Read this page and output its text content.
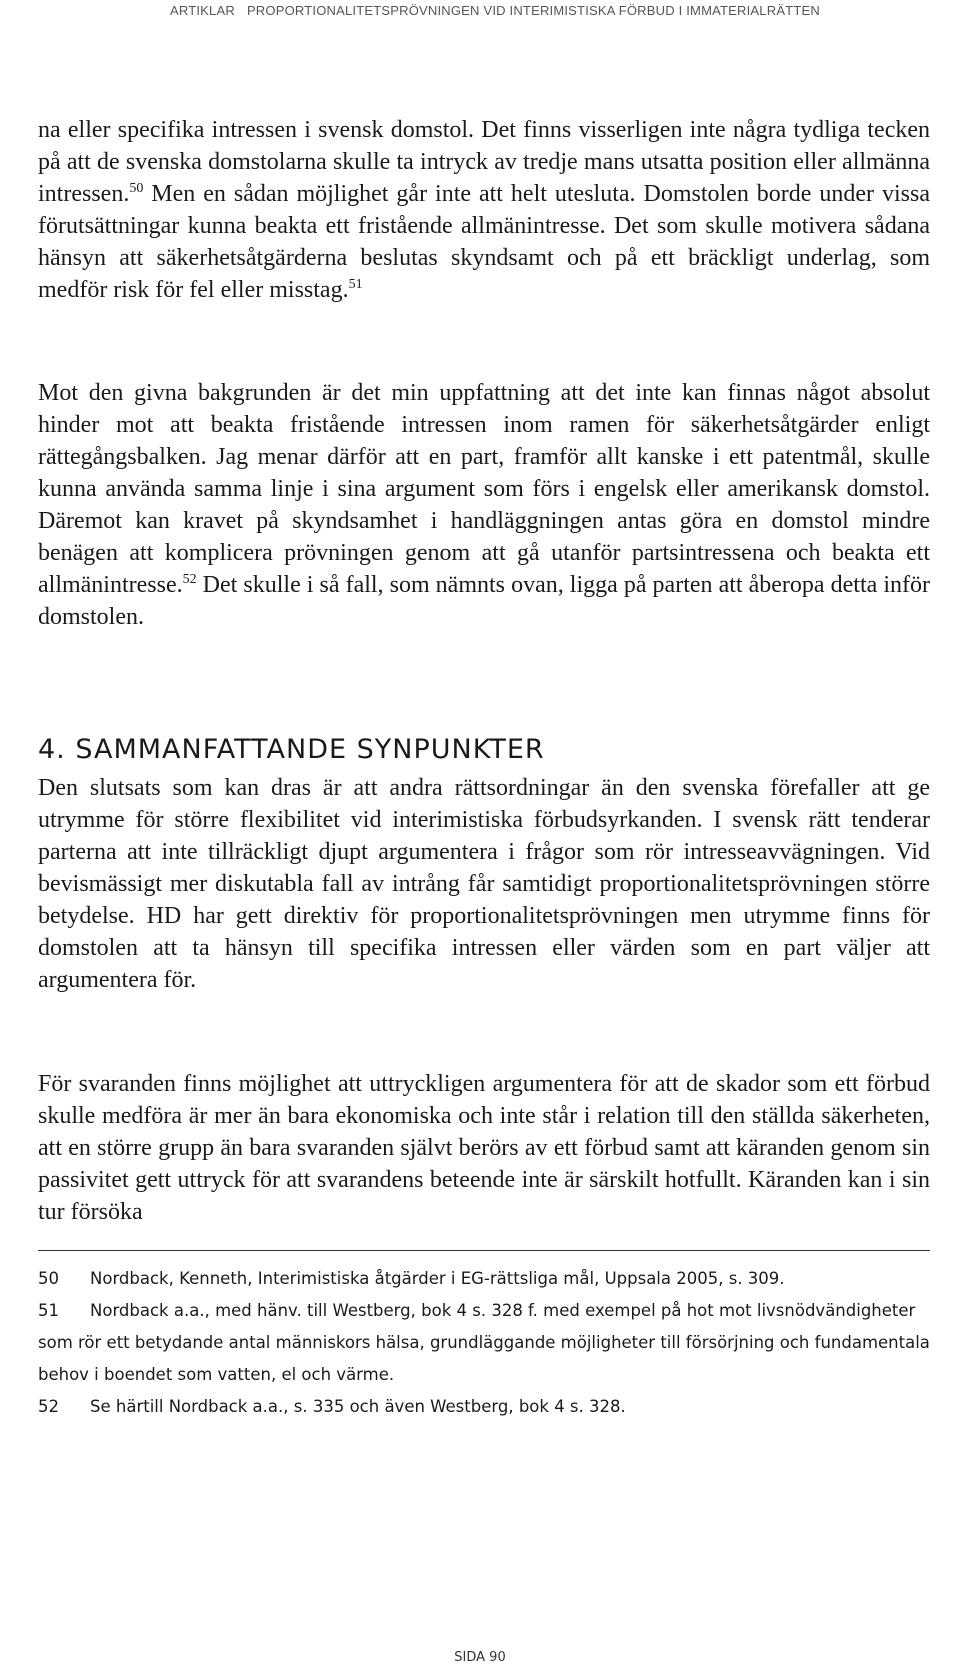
ARTIKLAR PROPORTIONALITETSPRÖVNINGEN VID INTERIMISTISKA FÖRBUD I IMMATERIALRÄTTEN

na eller specifika intressen i svensk domstol. Det finns visserligen inte några tydliga tecken på att de svenska domstolarna skulle ta intryck av tredje mans utsatta position eller allmänna intressen.$^{50}$ Men en sådan möjlighet går inte att helt utesluta. Domstolen borde under vissa förutsättningar kunna beakta ett fristående allmänintresse. Det som skulle motivera sådana hänsyn att säkerhetsåtgärderna beslutas skyndsamt och på ett bräckligt underlag, som medför risk för fel eller misstag.$^{51}$

Mot den givna bakgrunden är det min uppfattning att det inte kan finnas något absolut hinder mot att beakta fristående intressen inom ramen för säkerhetsåtgärder enligt rättegångsbalken. Jag menar därför att en part, framför allt kanske i ett patentmål, skulle kunna använda samma linje i sina argument som förs i engelsk eller amerikansk domstol. Däremot kan kravet på skyndsamhet i handläggningen antas göra en domstol mindre benägen att komplicera prövningen genom att gå utanför partsintressena och beakta ett allmänintresse.$^{52}$ Det skulle i så fall, som nämnts ovan, ligga på parten att åberopa detta inför domstolen.

4. SAMMANFATTANDE SYNPUNKTER

Den slutsats som kan dras är att andra rättsordningar än den svenska förefaller att ge utrymme för större flexibilitet vid interimistiska förbudsyrkanden. I svensk rätt tenderar parterna att inte tillräckligt djupt argumentera i frågor som rör intresseavvägningen. Vid bevismässigt mer diskutabla fall av intrång får samtidigt proportionalitetsprövningen större betydelse. HD har gett direktiv för proportionalitetsprövningen men utrymme finns för domstolen att ta hänsyn till specifika intressen eller värden som en part väljer att argumentera för.

För svaranden finns möjlighet att uttryckligen argumentera för att de skador som ett förbud skulle medföra är mer än bara ekonomiska och inte står i relation till den ställda säkerheten, att en större grupp än bara svaranden självt berörs av ett förbud samt att käranden genom sin passivitet gett uttryck för att svarandens beteende inte är särskilt hotfullt. Käranden kan i sin tur försöka

50 Nordback, Kenneth, Interimistiska åtgärder i EG-rättsliga mål, Uppsala 2005, s. 309.

51 Nordback a.a., med hänv. till Westberg, bok 4 s. 328 f. med exempel på hot mot livsnödvändigheter som rör ett betydande antal människors hälsa, grundläggande möjligheter till försörjning och fundamentala behov i boendet som vatten, el och värme.

52 Se härtill Nordback a.a., s. 335 och även Westberg, bok 4 s. 328.

SIDA 90
